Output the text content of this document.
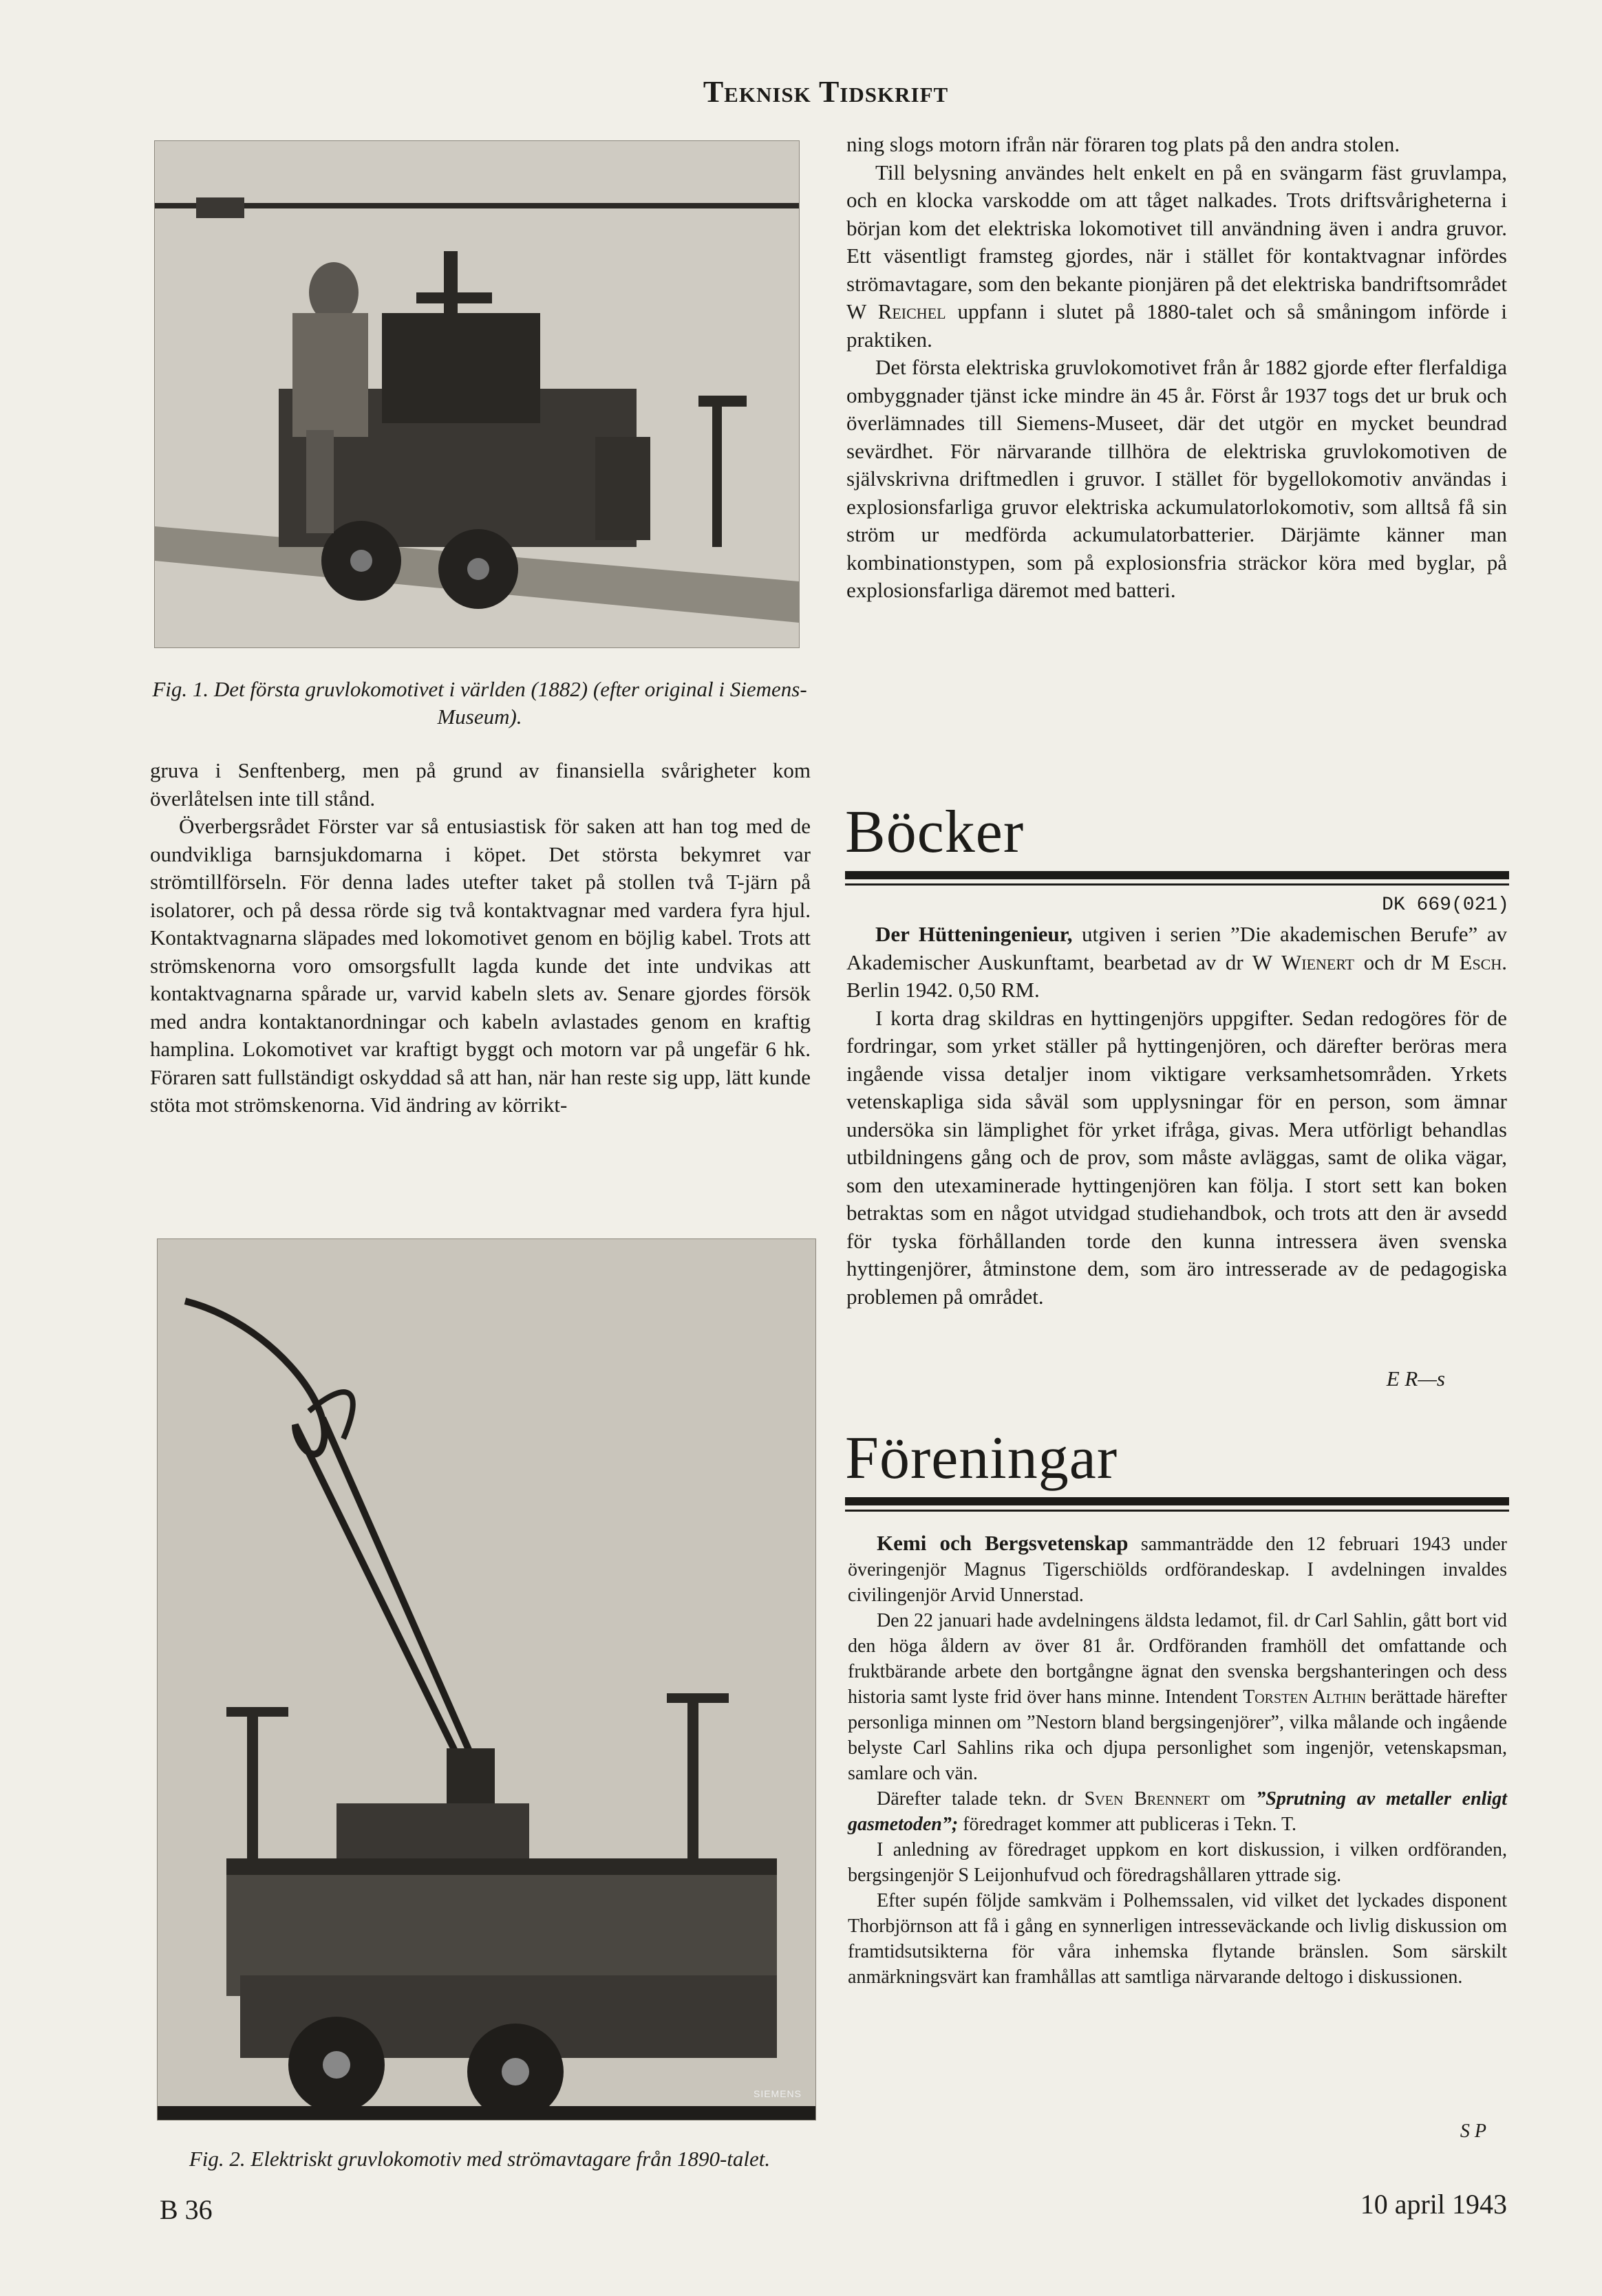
Teknisk Tidskrift
Fig. 1. Det första gruvlokomotivet i världen (1882) (efter original i Siemens-Museum).

gruva i Senftenberg, men på grund av finansiella svårigheter kom överlåtelsen inte till stånd.

Överbergsrådet Förster var så entusiastisk för saken att han tog med de oundvikliga barnsjukdomarna i köpet. Det största bekymret var strömtillförseln. För denna lades utefter taket på stollen två T-järn på isolatorer, och på dessa rörde sig två kontaktvagnar med vardera fyra hjul. Kontaktvagnarna släpades med lokomotivet genom en böjlig kabel. Trots att strömskenorna voro omsorgsfullt lagda kunde det inte undvikas att kontaktvagnarna spårade ur, varvid kabeln slets av. Senare gjordes försök med andra kontaktanordningar och kabeln avlastades genom en kraftig hamplina. Lokomotivet var kraftigt byggt och motorn var på ungefär 6 hk. Föraren satt fullständigt oskyddad så att han, när han reste sig upp, lätt kunde stöta mot strömskenorna. Vid ändring av körrikt-

SIEMENS
Fig. 2. Elektriskt gruvlokomotiv med strömavtagare från 1890-talet.

ning slogs motorn ifrån när föraren tog plats på den andra stolen.

Till belysning användes helt enkelt en på en svängarm fäst gruvlampa, och en klocka varskodde om att tåget nalkades. Trots driftsvårigheterna i början kom det elektriska lokomotivet till användning även i andra gruvor. Ett väsentligt framsteg gjordes, när i stället för kontaktvagnar infördes strömavtagare, som den bekante pionjären på det elektriska bandriftsområdet W Reichel uppfann i slutet på 1880-talet och så småningom införde i praktiken.

Det första elektriska gruvlokomotivet från år 1882 gjorde efter flerfaldiga ombyggnader tjänst icke mindre än 45 år. Först år 1937 togs det ur bruk och överlämnades till Siemens-Museet, där det utgör en mycket beundrad sevärdhet. För närvarande tillhöra de elektriska gruvlokomotiven de självskrivna driftmedlen i gruvor. I stället för bygellokomotiv användas i explosionsfarliga gruvor elektriska ackumulatorlokomotiv, som alltså få sin ström ur medförda ackumulatorbatterier. Därjämte känner man kombinationstypen, som på explosionsfria sträckor köra med byglar, på explosionsfarliga däremot med batteri.

Böcker
DK 669(021)

Der Hütteningenieur, utgiven i serien ”Die akademischen Berufe” av Akademischer Auskunftamt, bearbetad av dr W Wienert och dr M Esch. Berlin 1942. 0,50 RM.

I korta drag skildras en hyttingenjörs uppgifter. Sedan redogöres för de fordringar, som yrket ställer på hyttingenjören, och därefter beröras mera ingående vissa detaljer inom viktigare verksamhetsområden. Yrkets vetenskapliga sida såväl som upplysningar för en person, som ämnar undersöka sin lämplighet för yrket ifråga, givas. Mera utförligt behandlas utbildningens gång och de prov, som måste avläggas, samt de olika vägar, som den utexaminerade hyttingenjören kan följa. I stort sett kan boken betraktas som en något utvidgad studiehandbok, och trots att den är avsedd för tyska förhållanden torde den kunna intressera även svenska hyttingenjörer, åtminstone dem, som äro intresserade av de pedagogiska problemen på området.

E R—s
Föreningar

Kemi och Bergsvetenskap sammanträdde den 12 februari 1943 under överingenjör Magnus Tigerschiölds ordförandeskap. I avdelningen invaldes civilingenjör Arvid Unnerstad.

Den 22 januari hade avdelningens äldsta ledamot, fil. dr Carl Sahlin, gått bort vid den höga åldern av över 81 år. Ordföranden framhöll det omfattande och fruktbärande arbete den bortgångne ägnat den svenska bergshanteringen och dess historia samt lyste frid över hans minne. Intendent Torsten Althin berättade härefter personliga minnen om ”Nestorn bland bergsingenjörer”, vilka målande och ingående belyste Carl Sahlins rika och djupa personlighet som ingenjör, vetenskapsman, samlare och vän.

Därefter talade tekn. dr Sven Brennert om ”Sprutning av metaller enligt gasmetoden”; föredraget kommer att publiceras i Tekn. T.

I anledning av föredraget uppkom en kort diskussion, i vilken ordföranden, bergsingenjör S Leijonhufvud och föredragshållaren yttrade sig.

Efter supén följde samkväm i Polhemssalen, vid vilket det lyckades disponent Thorbjörnson att få i gång en synnerligen intresseväckande och livlig diskussion om framtidsutsikterna för våra inhemska flytande bränslen. Som särskilt anmärkningsvärt kan framhållas att samtliga närvarande deltogo i diskussionen.

S P
B 36	10 april 1943
